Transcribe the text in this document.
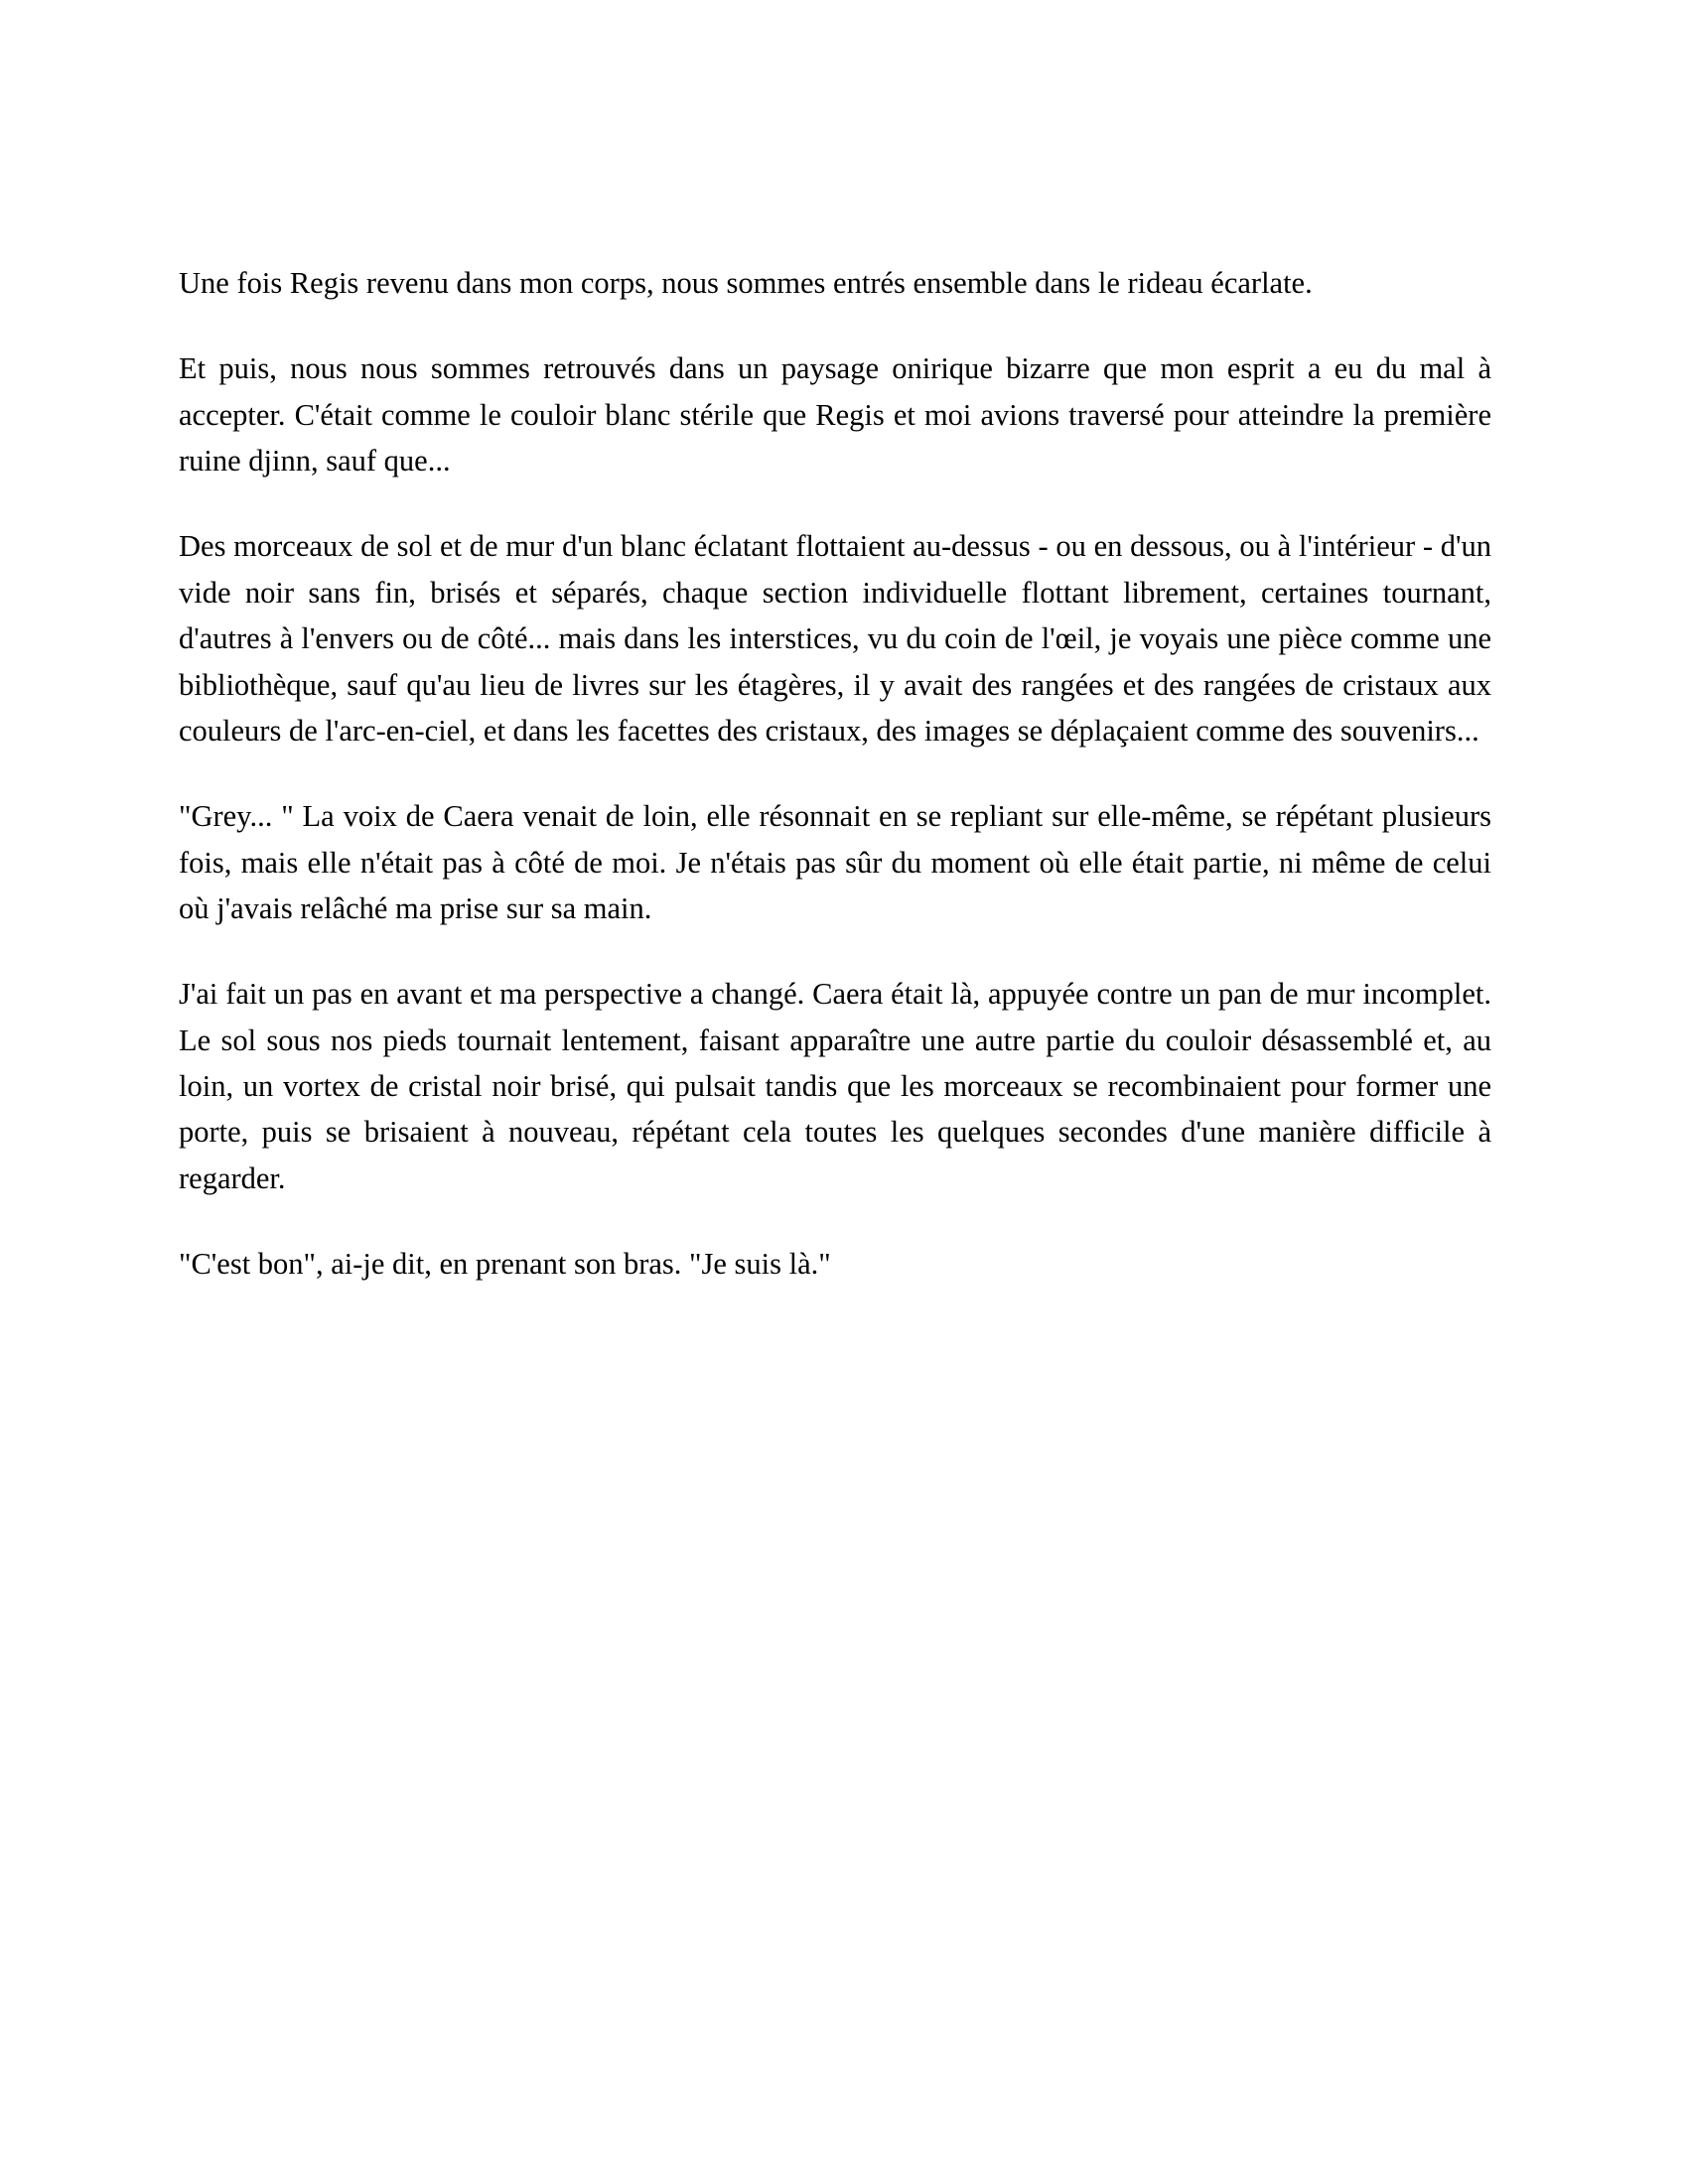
Une fois Regis revenu dans mon corps, nous sommes entrés ensemble dans le rideau écarlate.

Et puis, nous nous sommes retrouvés dans un paysage onirique bizarre que mon esprit a eu du mal à accepter. C'était comme le couloir blanc stérile que Regis et moi avions traversé pour atteindre la première ruine djinn, sauf que...

Des morceaux de sol et de mur d'un blanc éclatant flottaient au-dessus - ou en dessous, ou à l'intérieur - d'un vide noir sans fin, brisés et séparés, chaque section individuelle flottant librement, certaines tournant, d'autres à l'envers ou de côté... mais dans les interstices, vu du coin de l'œil, je voyais une pièce comme une bibliothèque, sauf qu'au lieu de livres sur les étagères, il y avait des rangées et des rangées de cristaux aux couleurs de l'arc-en-ciel, et dans les facettes des cristaux, des images se déplaçaient comme des souvenirs...

"Grey... " La voix de Caera venait de loin, elle résonnait en se repliant sur elle-même, se répétant plusieurs fois, mais elle n'était pas à côté de moi. Je n'étais pas sûr du moment où elle était partie, ni même de celui où j'avais relâché ma prise sur sa main.

J'ai fait un pas en avant et ma perspective a changé. Caera était là, appuyée contre un pan de mur incomplet. Le sol sous nos pieds tournait lentement, faisant apparaître une autre partie du couloir désassemblé et, au loin, un vortex de cristal noir brisé, qui pulsait tandis que les morceaux se recombinaient pour former une porte, puis se brisaient à nouveau, répétant cela toutes les quelques secondes d'une manière difficile à regarder.

"C'est bon", ai-je dit, en prenant son bras. "Je suis là."
